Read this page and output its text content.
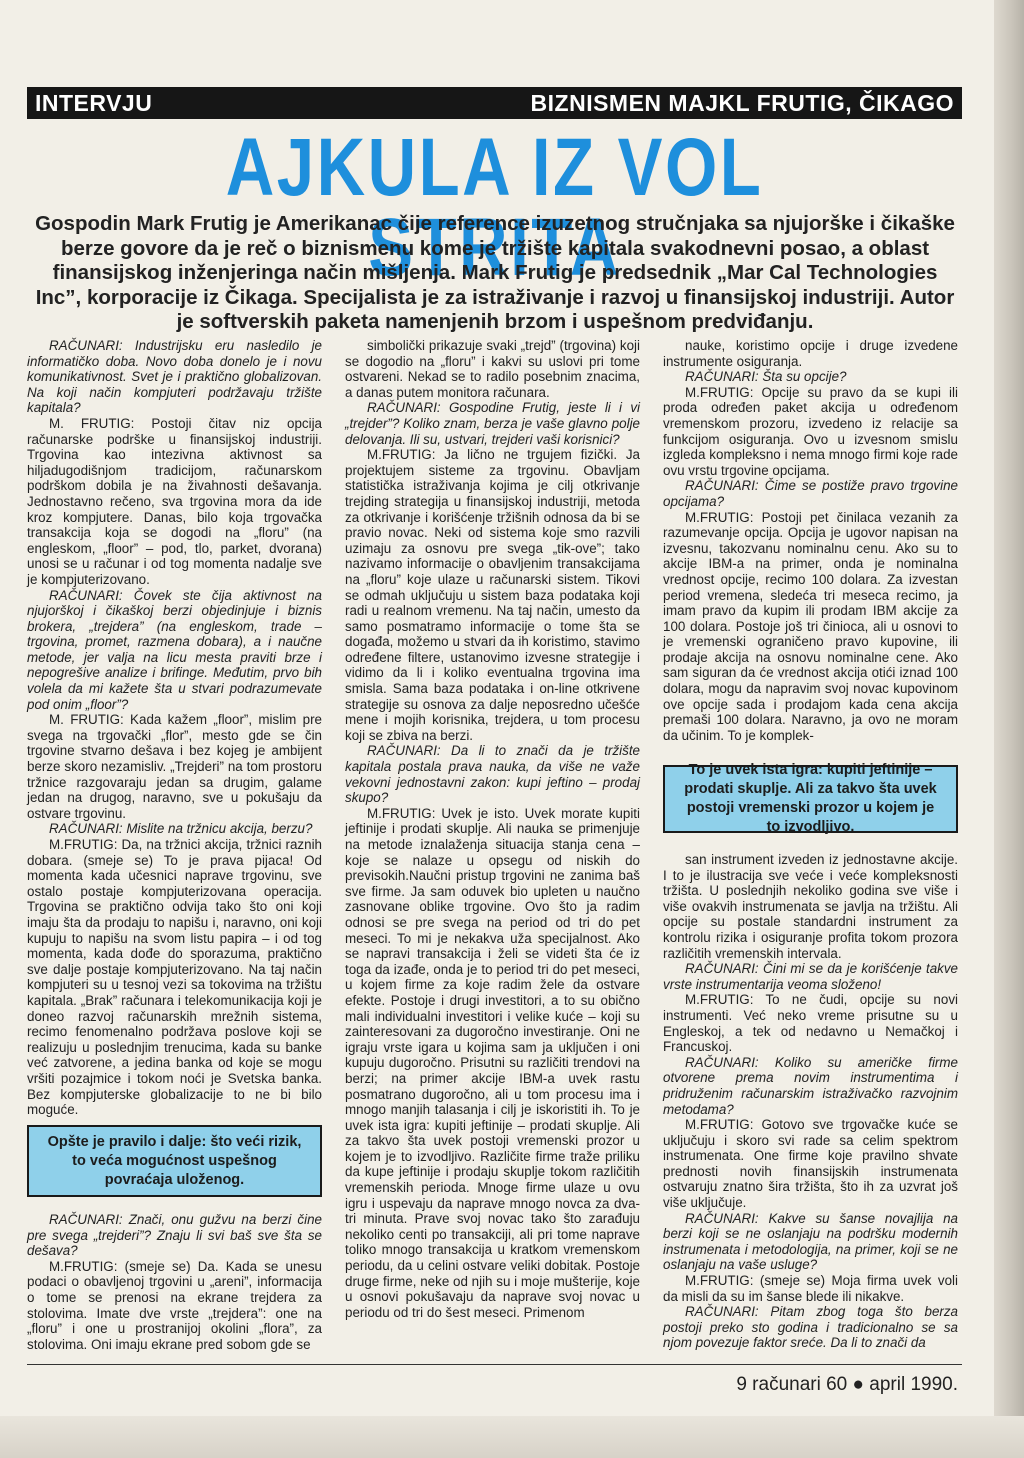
INTERVJU	BIZNISMEN MAJKL FRUTIG, ČIKAGO
AJKULA IZ VOL STRITA
Gospodin Mark Frutig je Amerikanac čije reference izuzetnog stručnjaka sa njujorške i čikaške berze govore da je reč o biznismenu kome je tržište kapitala svakodnevni posao, a oblast finansijskog inženjeringa način mišljenja. Mark Frutig je predsednik „Mar Cal Technologies Inc”, korporacije iz Čikaga. Specijalista je za istraživanje i razvoj u finansijskoj industriji. Autor je softverskih paketa namenjenih brzom i uspešnom predviđanju.

RAČUNARI: Industrijsku eru nasledilo je informatičko doba. Novo doba donelo je i novu komunikativnost. Svet je i praktično globalizovan. Na koji način kompjuteri podržavaju tržište kapitala?

M. FRUTIG: Postoji čitav niz opcija računarske podrške u finansijskoj industriji. Trgovina kao intezivna aktivnost sa hiljadugodišnjom tradicijom, računarskom podrškom dobila je na živahnosti dešavanja. Jednostavno rečeno, sva trgovina mora da ide kroz kompjutere. Danas, bilo koja trgovačka transakcija koja se dogodi na „floru” (na engleskom, „floor” – pod, tlo, parket, dvorana) unosi se u računar i od tog momenta nadalje sve je kompjuterizovano.

RAČUNARI: Čovek ste čija aktivnost na njujorškoj i čikaškoj berzi objedinjuje i biznis brokera, „trejdera” (na engleskom, trade – trgovina, promet, razmena dobara), a i naučne metode, jer valja na licu mesta praviti brze i nepogrešive analize i brifinge. Međutim, prvo bih volela da mi kažete šta u stvari podrazumevate pod onim „floor”?

M. FRUTIG: Kada kažem „floor”, mislim pre svega na trgovački „flor”, mesto gde se čin trgovine stvarno dešava i bez kojeg je ambijent berze skoro nezamisliv. „Trejderi” na tom prostoru tržnice razgovaraju jedan sa drugim, galame jedan na drugog, naravno, sve u pokušaju da ostvare trgovinu.

RAČUNARI: Mislite na tržnicu akcija, berzu?

M.FRUTIG: Da, na tržnici akcija, tržnici raznih dobara. (smeje se) To je prava pijaca! Od momenta kada učesnici naprave trgovinu, sve ostalo postaje kompjuterizovana operacija. Trgovina se praktično odvija tako što oni koji imaju šta da prodaju to napišu i, naravno, oni koji kupuju to napišu na svom listu papira – i od tog momenta, kada dođe do sporazuma, praktično sve dalje postaje kompjuterizovano. Na taj način kompjuteri su u tesnoj vezi sa tokovima na tržištu kapitala. „Brak” računara i telekomunikacija koji je doneo razvoj računarskih mrežnih sistema, recimo fenomenalno podržava poslove koji se realizuju u poslednjim trenucima, kada su banke već zatvorene, a jedina banka od koje se mogu vršiti pozajmice i tokom noći je Svetska banka. Bez kompjuterske globalizacije to ne bi bilo moguće.

Opšte je pravilo i dalje: što veći rizik, to veća mogućnost uspešnog povraćaja uloženog.

RAČUNARI: Znači, onu gužvu na berzi čine pre svega „trejderi”? Znaju li svi baš sve šta se dešava?

M.FRUTIG: (smeje se) Da. Kada se unesu podaci o obavljenoj trgovini u „areni”, informacija o tome se prenosi na ekrane trejdera za stolovima. Imate dve vrste „trejdera”: one na „floru” i one u prostranijoj okolini „flora”, za stolovima. Oni imaju ekrane pred sobom gde se

simbolički prikazuje svaki „trejd” (trgovina) koji se dogodio na „floru” i kakvi su uslovi pri tome ostvareni. Nekad se to radilo posebnim znacima, a danas putem monitora računara.

RAČUNARI: Gospodine Frutig, jeste li i vi „trejder”? Koliko znam, berza je vaše glavno polje delovanja. Ili su, ustvari, trejderi vaši korisnici?

M.FRUTIG: Ja lično ne trgujem fizički. Ja projektujem sisteme za trgovinu. Obavljam statistička istraživanja kojima je cilj otkrivanje trejding strategija u finansijskoj industriji, metoda za otkrivanje i korišćenje tržišnih odnosa da bi se pravio novac. Neki od sistema koje smo razvili uzimaju za osnovu pre svega „tik-ove”; tako nazivamo informacije o obavljenim transakcijama na „floru” koje ulaze u računarski sistem. Tikovi se odmah uključuju u sistem baza podataka koji radi u realnom vremenu. Na taj način, umesto da samo posmatramo informacije o tome šta se događa, možemo u stvari da ih koristimo, stavimo određene filtere, ustanovimo izvesne strategije i vidimo da li i koliko eventualna trgovina ima smisla. Sama baza podataka i on-line otkrivene strategije su osnova za dalje neposredno učešće mene i mojih korisnika, trejdera, u tom procesu koji se zbiva na berzi.

RAČUNARI: Da li to znači da je tržište kapitala postala prava nauka, da više ne važe vekovni jednostavni zakon: kupi jeftino – prodaj skupo?

M.FRUTIG: Uvek je isto. Uvek morate kupiti jeftinije i prodati skuplje. Ali nauka se primenjuje na metode iznalaženja situacija stanja cena – koje se nalaze u opsegu od niskih do previsokih.Naučni pristup trgovini ne zanima baš sve firme. Ja sam oduvek bio upleten u naučno zasnovane oblike trgovine. Ovo što ja radim odnosi se pre svega na period od tri do pet meseci. To mi je nekakva uža specijalnost. Ako se napravi transakcija i želi se videti šta će iz toga da izađe, onda je to period tri do pet meseci, u kojem firme za koje radim žele da ostvare efekte. Postoje i drugi investitori, a to su obično mali individualni investitori i velike kuće – koji su zainteresovani za dugoročno investiranje. Oni ne igraju vrste igara u kojima sam ja uključen i oni kupuju dugoročno. Prisutni su različiti trendovi na berzi; na primer akcije IBM-a uvek rastu posmatrano dugoročno, ali u tom procesu ima i mnogo manjih talasanja i cilj je iskoristiti ih. To je uvek ista igra: kupiti jeftinije – prodati skuplje. Ali za takvo šta uvek postoji vremenski prozor u kojem je to izvodljivo. Različite firme traže priliku da kupe jeftinije i prodaju skuplje tokom različitih vremenskih perioda. Mnoge firme ulaze u ovu igru i uspevaju da naprave mnogo novca za dva-tri minuta. Prave svoj novac tako što zarađuju nekoliko centi po transakciji, ali pri tome naprave toliko mnogo transakcija u kratkom vremenskom periodu, da u celini ostvare veliki dobitak. Postoje druge firme, neke od njih su i moje mušterije, koje u osnovi pokušavaju da naprave svoj novac u periodu od tri do šest meseci. Primenom

nauke, koristimo opcije i druge izvedene instrumente osiguranja.

RAČUNARI: Šta su opcije?

M.FRUTIG: Opcije su pravo da se kupi ili proda određen paket akcija u određenom vremenskom prozoru, izvedeno iz relacije sa funkcijom osiguranja. Ovo u izvesnom smislu izgleda kompleksno i nema mnogo firmi koje rade ovu vrstu trgovine opcijama.

RAČUNARI: Čime se postiže pravo trgovine opcijama?

M.FRUTIG: Postoji pet činilaca vezanih za razumevanje opcija. Opcija je ugovor napisan na izvesnu, takozvanu nominalnu cenu. Ako su to akcije IBM-a na primer, onda je nominalna vrednost opcije, recimo 100 dolara. Za izvestan period vremena, sledeća tri meseca recimo, ja imam pravo da kupim ili prodam IBM akcije za 100 dolara. Postoje još tri činioca, ali u osnovi to je vremenski ograničeno pravo kupovine, ili prodaje akcija na osnovu nominalne cene. Ako sam siguran da će vrednost akcija otići iznad 100 dolara, mogu da napravim svoj novac kupovinom ove opcije sada i prodajom kada cena akcija premaši 100 dolara. Naravno, ja ovo ne moram da učinim. To je komplek-

To je uvek ista igra: kupiti jeftinije – prodati skuplje. Ali za takvo šta uvek postoji vremenski prozor u kojem je to izvodljivo.

san instrument izveden iz jednostavne akcije. I to je ilustracija sve veće i veće kompleksnosti tržišta. U poslednjih nekoliko godina sve više i više ovakvih instrumenata se javlja na tržištu. Ali opcije su postale standardni instrument za kontrolu rizika i osiguranje profita tokom prozora različitih vremenskih intervala.

RAČUNARI: Čini mi se da je korišćenje takve vrste instrumentarija veoma složeno!

M.FRUTIG: To ne čudi, opcije su novi instrumenti. Već neko vreme prisutne su u Engleskoj, a tek od nedavno u Nemačkoj i Francuskoj.

RAČUNARI: Koliko su američke firme otvorene prema novim instrumentima i pridruženim računarskim istraživačko razvojnim metodama?

M.FRUTIG: Gotovo sve trgovačke kuće se uključuju i skoro svi rade sa celim spektrom instrumenata. One firme koje pravilno shvate prednosti novih finansijskih instrumenata ostvaruju znatno šira tržišta, što ih za uzvrat još više uključuje.

RAČUNARI: Kakve su šanse novajlija na berzi koji se ne oslanjaju na podršku modernih instrumenata i metodologija, na primer, koji se ne oslanjaju na vaše usluge?

M.FRUTIG: (smeje se) Moja firma uvek voli da misli da su im šanse blede ili nikakve.

RAČUNARI: Pitam zbog toga što berza postoji preko sto godina i tradicionalno se sa njom povezuje faktor sreće. Da li to znači da

9 računari 60 ● april 1990.
